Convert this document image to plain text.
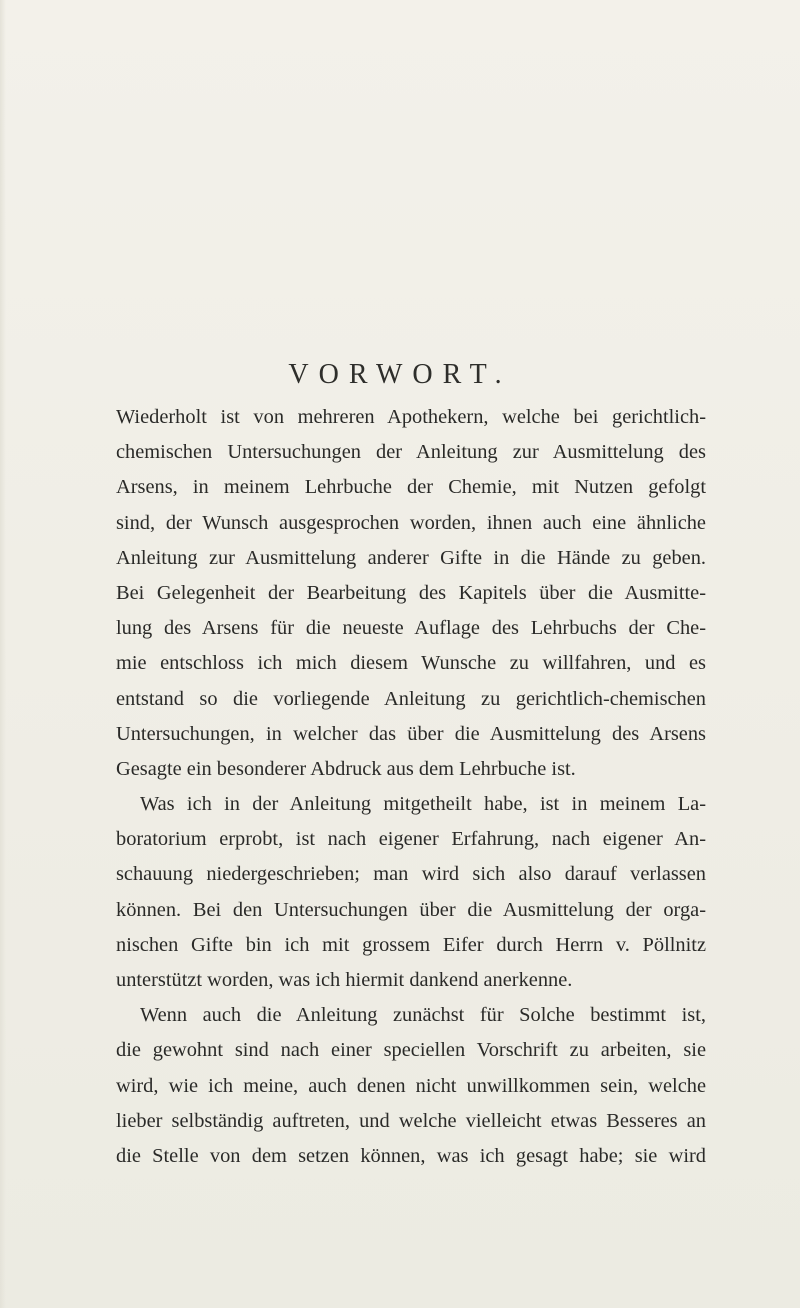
VORWORT.
Wiederholt ist von mehreren Apothekern, welche bei gerichtlich-
chemischen Untersuchungen der Anleitung zur Ausmittelung des
Arsens, in meinem Lehrbuche der Chemie, mit Nutzen gefolgt
sind, der Wunsch ausgesprochen worden, ihnen auch eine ähnliche
Anleitung zur Ausmittelung anderer Gifte in die Hände zu geben.
Bei Gelegenheit der Bearbeitung des Kapitels über die Ausmitte-
lung des Arsens für die neueste Auflage des Lehrbuchs der Che-
mie entschloss ich mich diesem Wunsche zu willfahren, und es
entstand so die vorliegende Anleitung zu gerichtlich-chemischen
Untersuchungen, in welcher das über die Ausmittelung des Arsens
Gesagte ein besonderer Abdruck aus dem Lehrbuche ist.
Was ich in der Anleitung mitgetheilt habe, ist in meinem La-
boratorium erprobt, ist nach eigener Erfahrung, nach eigener An-
schauung niedergeschrieben; man wird sich also darauf verlassen
können. Bei den Untersuchungen über die Ausmittelung der orga-
nischen Gifte bin ich mit grossem Eifer durch Herrn v. Pöllnitz
unterstützt worden, was ich hiermit dankend anerkenne.
Wenn auch die Anleitung zunächst für Solche bestimmt ist,
die gewohnt sind nach einer speciellen Vorschrift zu arbeiten, sie
wird, wie ich meine, auch denen nicht unwillkommen sein, welche
lieber selbständig auftreten, und welche vielleicht etwas Besseres an
die Stelle von dem setzen können, was ich gesagt habe; sie wird
